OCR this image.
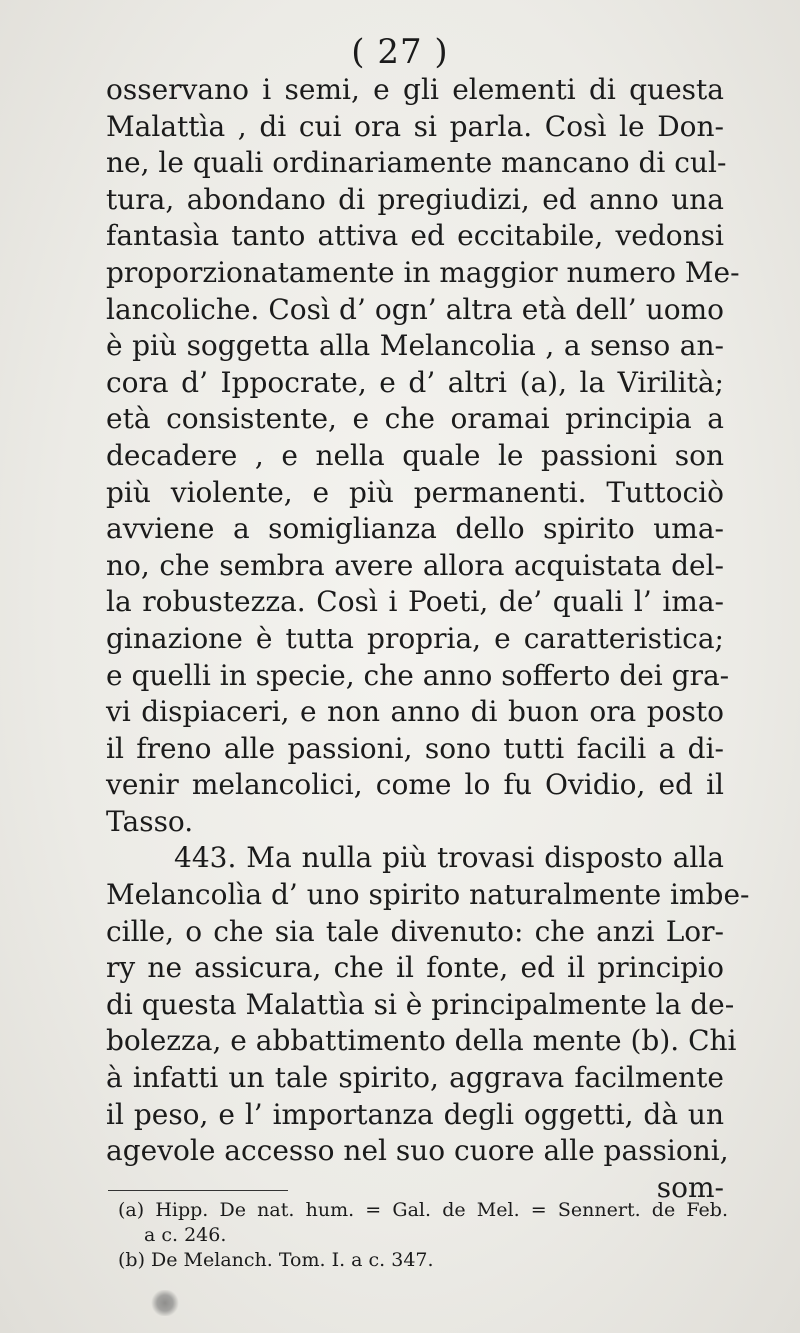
( 27 )
osservano i semi, e gli elementi di questa
Malattìa , di cui ora si parla. Così le Don-
ne, le quali ordinariamente mancano di cul-
tura, abondano di pregiudizi, ed anno una
fantasìa tanto attiva ed eccitabile, vedonsi
proporzionatamente in maggior numero Me-
lancoliche. Così d’ ogn’ altra età dell’ uomo
è più soggetta alla Melancolia , a senso an-
cora d’ Ippocrate, e d’ altri (a), la Virilità;
età consistente, e che oramai principia a
decadere , e nella quale le passioni son
più violente, e più permanenti. Tuttociò
avviene a somiglianza dello spirito uma-
no, che sembra avere allora acquistata del-
la robustezza. Così i Poeti, de’ quali l’ ima-
ginazione è tutta propria, e caratteristica;
e quelli in specie, che anno sofferto dei gra-
vi dispiaceri, e non anno di buon ora posto
il freno alle passioni, sono tutti facili a di-
venir melancolici, come lo fu Ovidio, ed il
Tasso.
443. Ma nulla più trovasi disposto alla
Melancolìa d’ uno spirito naturalmente imbe-
cille, o che sia tale divenuto: che anzi Lor-
ry ne assicura, che il fonte, ed il principio
di questa Malattìa si è principalmente la de-
bolezza, e abbattimento della mente (b). Chi
à infatti un tale spirito, aggrava facilmente
il peso, e l’ importanza degli oggetti, dà un
agevole accesso nel suo cuore alle passioni,
som-
(a) Hipp. De nat. hum. = Gal. de Mel. = Sennert. de Feb.
a c. 246.
(b) De Melanch. Tom. I. a c. 347.
